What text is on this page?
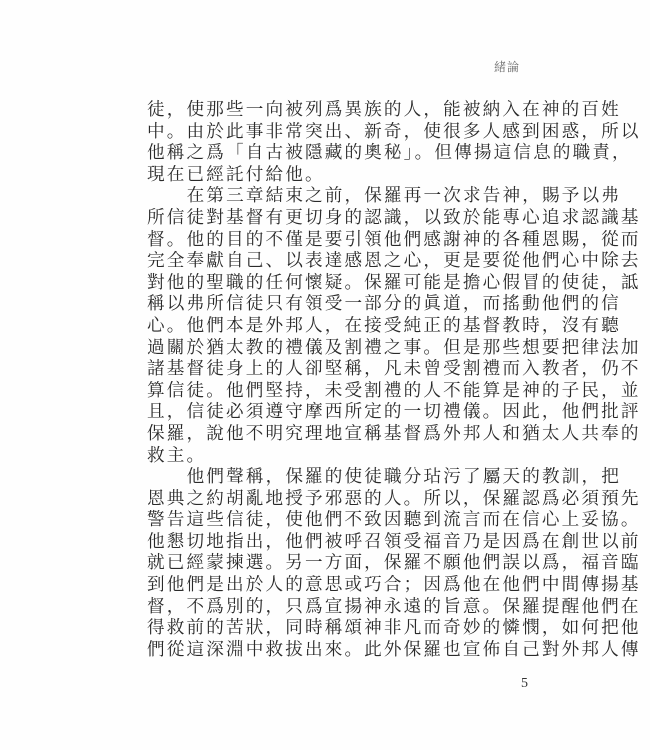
緒論
徒，使那些一向被列爲異族的人，能被納入在神的百姓
中。由於此事非常突出、新奇，使很多人感到困惑，所以
他稱之爲「自古被隱藏的奧秘」。但傳揚這信息的職責，
現在已經託付給他。
在第三章結束之前，保羅再一次求告神，賜予以弗
所信徒對基督有更切身的認識，以致於能專心追求認識基
督。他的目的不僅是要引領他們感謝神的各種恩賜，從而
完全奉獻自己、以表達感恩之心，更是要從他們心中除去
對他的聖職的任何懷疑。保羅可能是擔心假冒的使徒，詆
稱以弗所信徒只有領受一部分的眞道，而搖動他們的信
心。他們本是外邦人，在接受純正的基督教時，沒有聽
過關於猶太教的禮儀及割禮之事。但是那些想要把律法加
諸基督徒身上的人卻堅稱，凡未曾受割禮而入教者，仍不
算信徒。他們堅持，未受割禮的人不能算是神的子民，並
且，信徒必須遵守摩西所定的一切禮儀。因此，他們批評
保羅，說他不明究理地宣稱基督爲外邦人和猶太人共奉的
救主。
他們聲稱，保羅的使徒職分玷污了屬天的教訓，把
恩典之約胡亂地授予邪惡的人。所以，保羅認爲必須預先
警告這些信徒，使他們不致因聽到流言而在信心上妥協。
他懇切地指出，他們被呼召領受福音乃是因爲在創世以前
就已經蒙揀選。另一方面，保羅不願他們誤以爲，福音臨
到他們是出於人的意思或巧合；因爲他在他們中間傳揚基
督，不爲別的，只爲宣揚神永遠的旨意。保羅提醒他們在
得救前的苦狀，同時稱頌神非凡而奇妙的憐憫，如何把他
們從這深淵中救拔出來。此外保羅也宣佈自己對外邦人傳
5
